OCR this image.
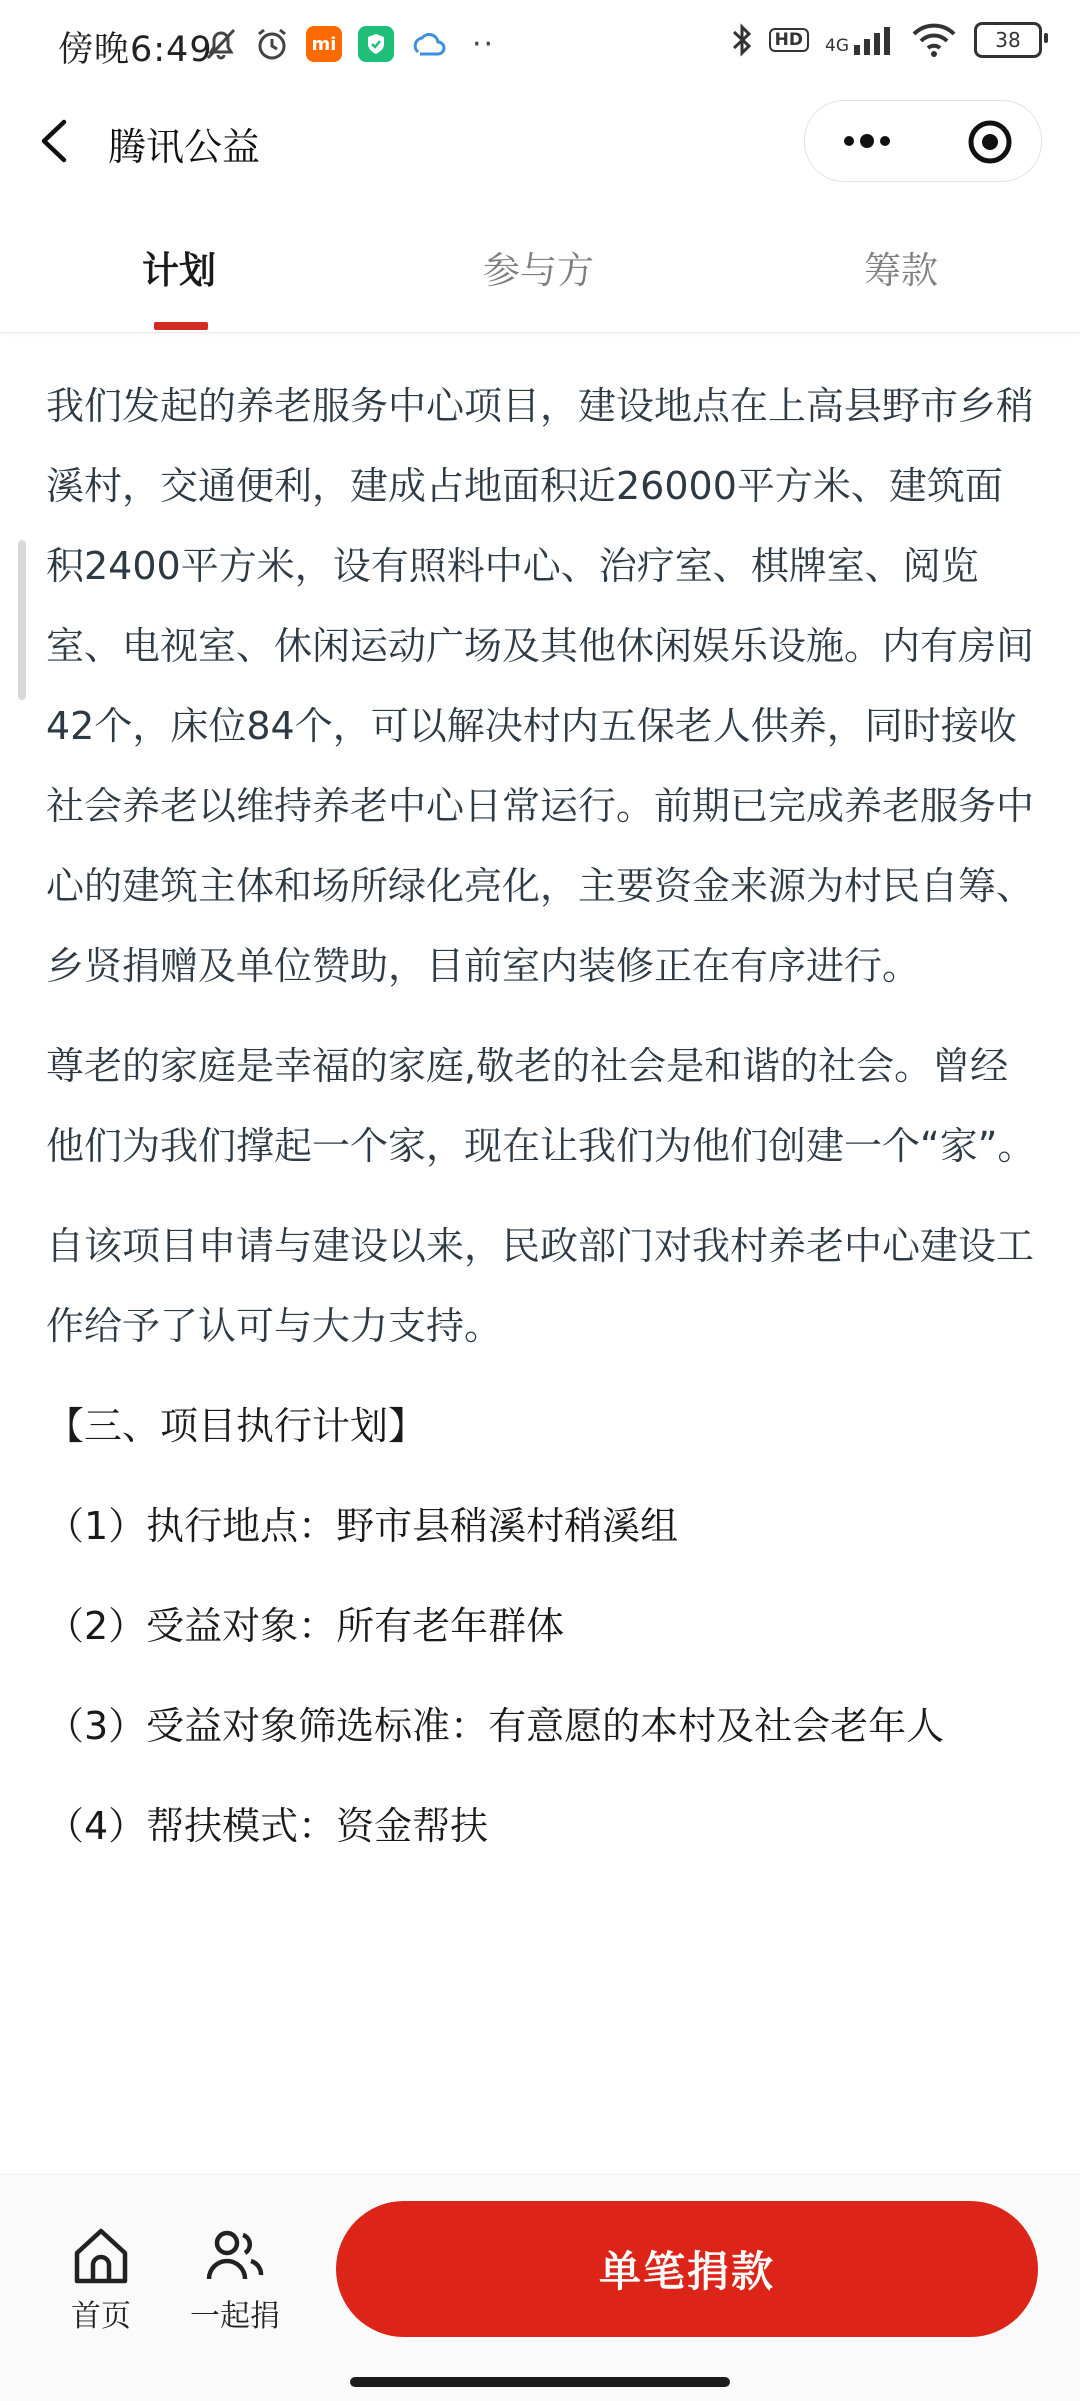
傍晚6:49	mi	··	HD	4G	38
腾讯公益
计划	参与方	筹款

我们发起的养老服务中心项目，建设地点在上高县野市乡稍溪村，交通便利，建成占地面积近26000平方米、建筑面积2400平方米，设有照料中心、治疗室、棋牌室、阅览室、电视室、休闲运动广场及其他休闲娱乐设施。内有房间42个，床位84个，可以解决村内五保老人供养，同时接收社会养老以维持养老中心日常运行。前期已完成养老服务中心的建筑主体和场所绿化亮化，主要资金来源为村民自筹、乡贤捐赠及单位赞助，目前室内装修正在有序进行。

尊老的家庭是幸福的家庭,敬老的社会是和谐的社会。曾经他们为我们撑起一个家，现在让我们为他们创建一个“家”。

自该项目申请与建设以来，民政部门对我村养老中心建设工作给予了认可与大力支持。

【三、项目执行计划】

（1）执行地点：野市县稍溪村稍溪组

（2）受益对象：所有老年群体

（3）受益对象筛选标准：有意愿的本村及社会老年人

（4）帮扶模式：资金帮扶

首页	一起捐
单笔捐款
